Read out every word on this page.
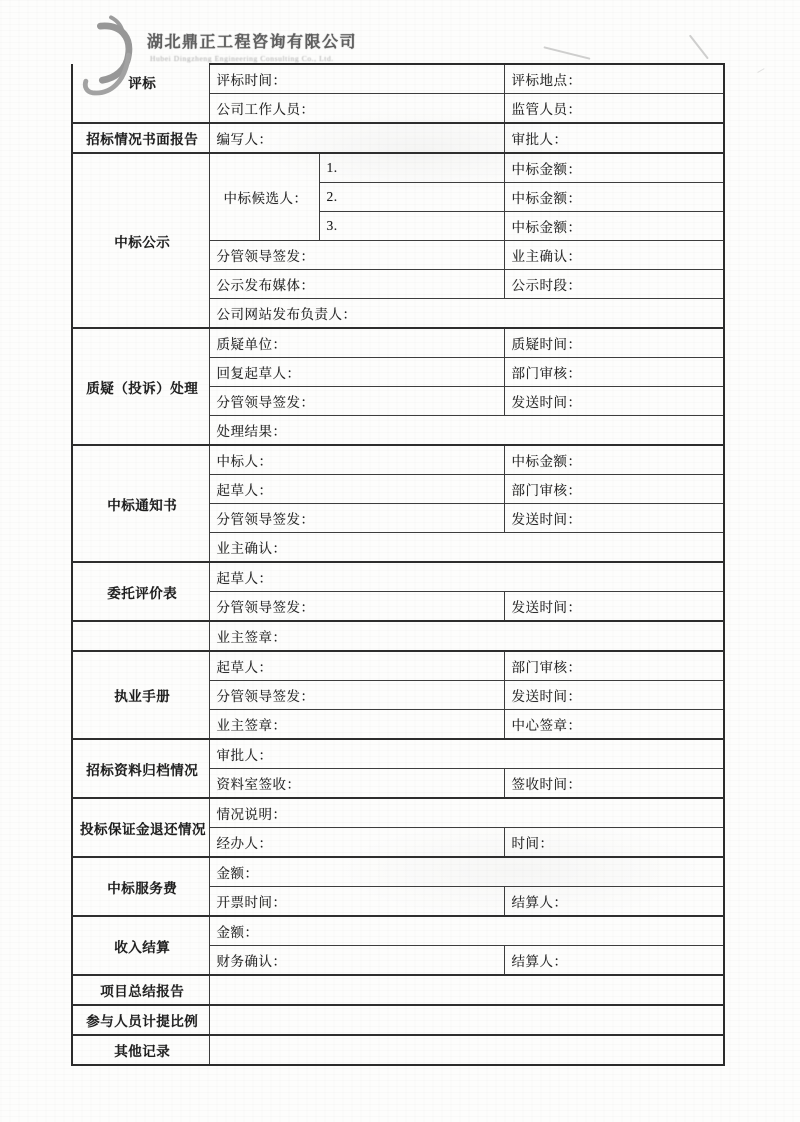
湖北鼎正工程咨询有限公司
Hubei Dingzheng Engineering Consulting Co., Ltd.
评标	评标时间：		评标地点：
	公司工作人员：		监管人员：
招标情况书面报告	编写人：		审批人：
中标公示	中标候选人：	1.	中标金额：
		2.	中标金额：
		3.	中标金额：
	分管领导签发：		业主确认：
	公示发布媒体：		公示时段：
	公司网站发布负责人：		
质疑（投诉）处理	质疑单位：		质疑时间：
	回复起草人：		部门审核：
	分管领导签发：		发送时间：
	处理结果：		
中标通知书	中标人：		中标金额：
	起草人：		部门审核：
	分管领导签发：		发送时间：
	业主确认：		
委托评价表	起草人：		
	分管领导签发：		发送时间：
	业主签章：		
执业手册	起草人：		部门审核：
	分管领导签发：		发送时间：
	业主签章：		中心签章：
招标资料归档情况	审批人：		
	资料室签收：		签收时间：
投标保证金退还情况	情况说明：		
	经办人：		时间：
中标服务费	金额：		
	开票时间：		结算人：
收入结算	金额：		
	财务确认：		结算人：
项目总结报告			
参与人员计提比例			
其他记录			
